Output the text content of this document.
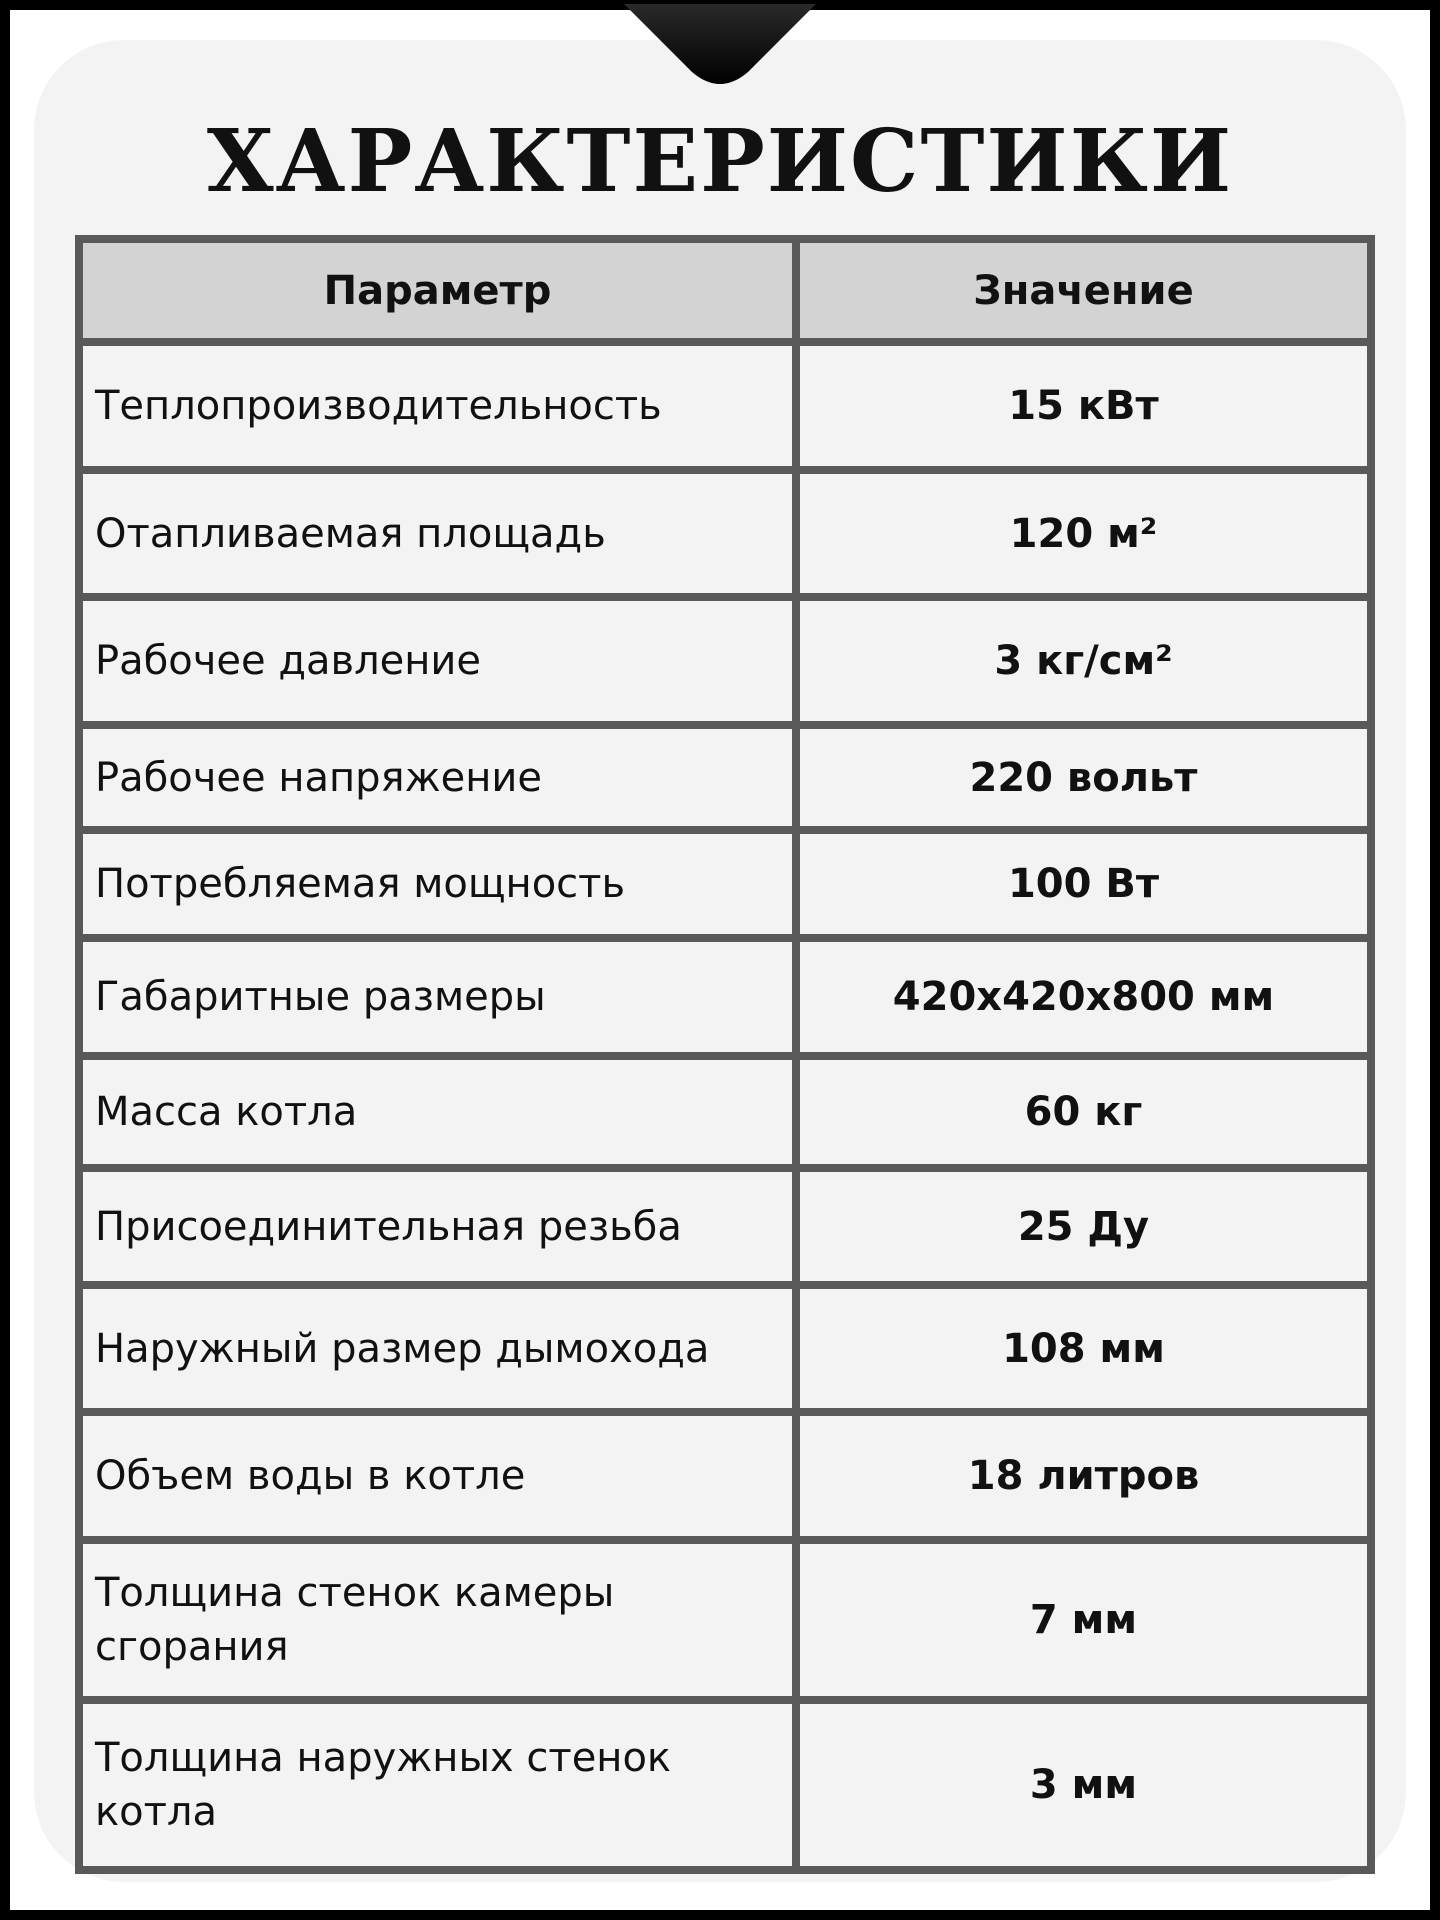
ХАРАКТЕРИСТИКИ
Параметр	Значение
Теплопроизводительность	15 кВт
Отапливаемая площадь	120 м²
Рабочее давление	3 кг/см²
Рабочее напряжение	220 вольт
Потребляемая мощность	100 Вт
Габаритные размеры	420х420х800 мм
Масса котла	60 кг
Присоединительная резьба	25 Ду
Наружный размер дымохода	108 мм
Объем воды в котле	18 литров
Толщина стенок камеры сгорания	7 мм
Толщина наружных стенок котла	3 мм
